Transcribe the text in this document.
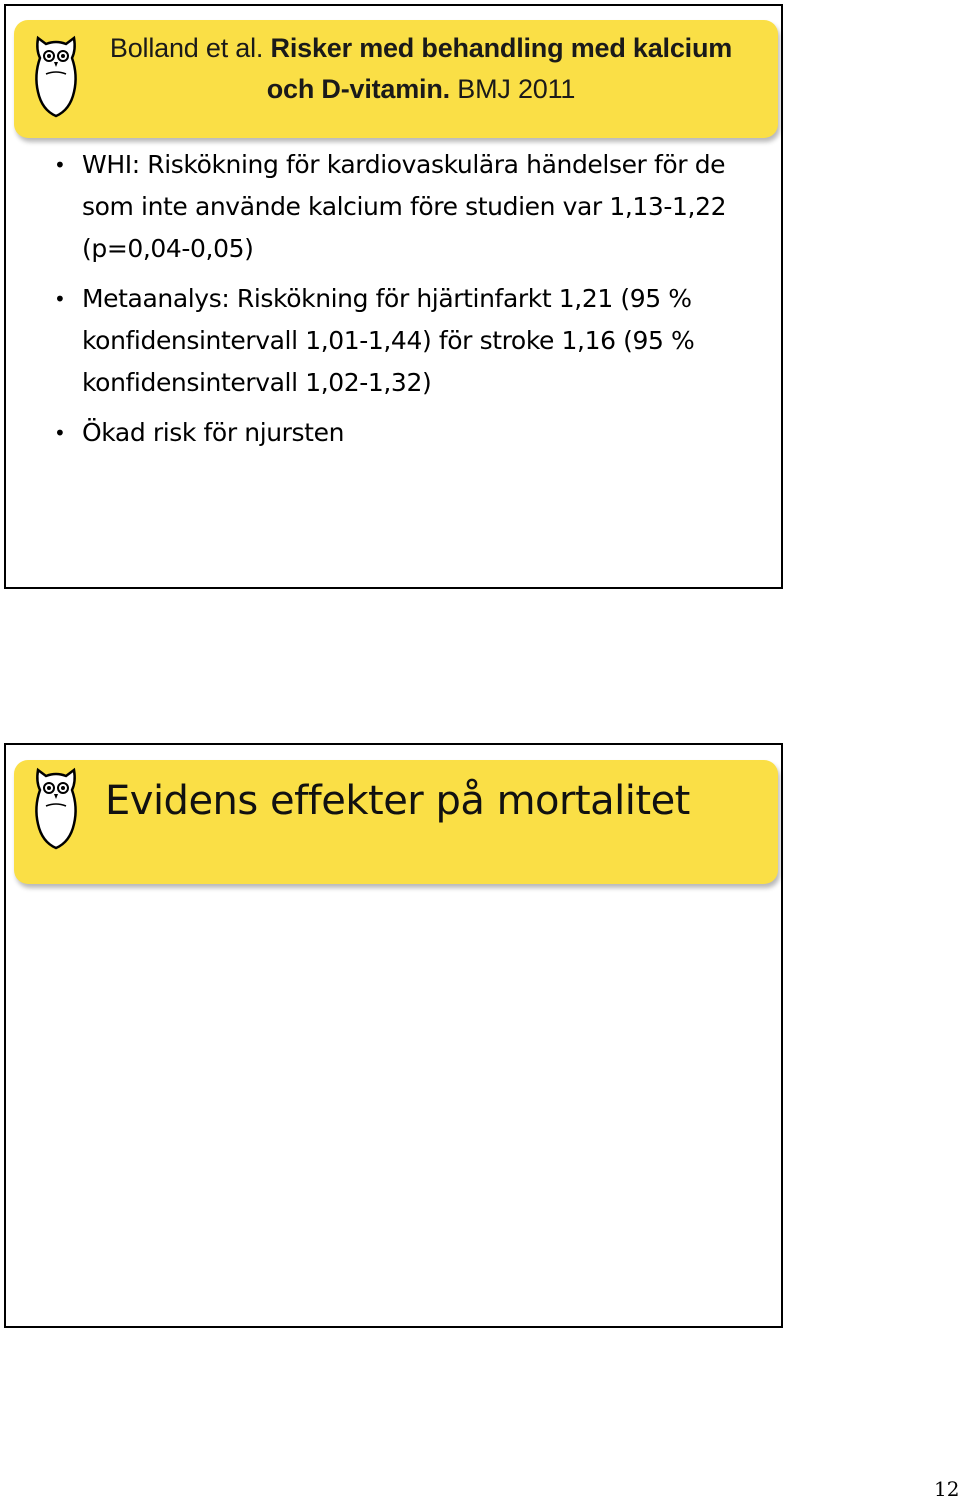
Bolland et al. Risker med behandling med kalcium och D-vitamin. BMJ 2011
• WHI: Riskökning för kardiovaskulära händelser för de som inte använde kalcium före studien var 1,13-1,22 (p=0,04-0,05)
• Metaanalys: Riskökning för hjärtinfarkt 1,21 (95 % konfidensintervall 1,01-1,44) för stroke 1,16 (95 % konfidensintervall 1,02-1,32)
• Ökad risk för njursten
Evidens effekter på mortalitet
12
